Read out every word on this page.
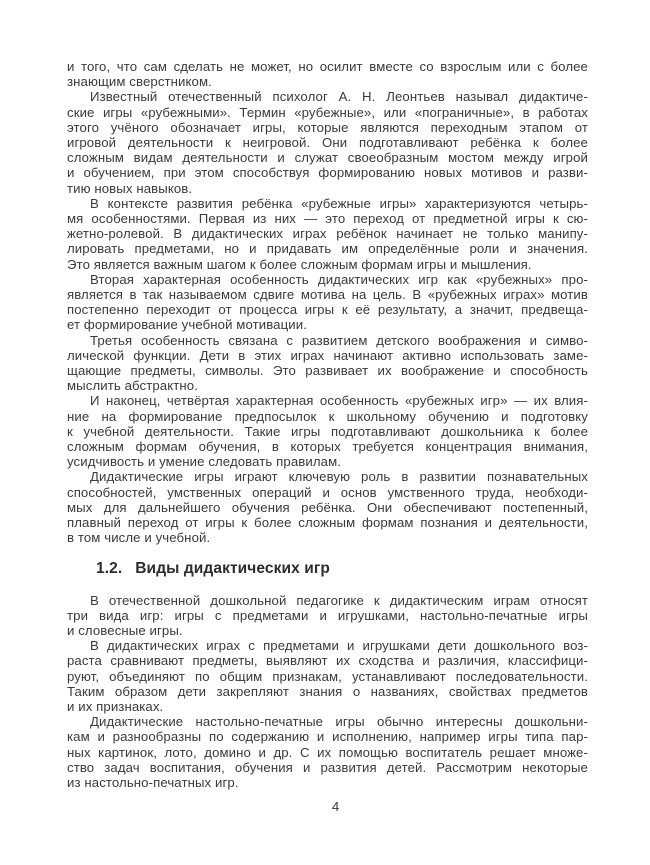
и того, что сам сделать не может, но осилит вместе со взрослым или с более
знающим сверстником.
Известный отечественный психолог А. Н. Леонтьев называл дидактиче-
ские игры «рубежными». Термин «рубежные», или «пограничные», в работах
этого учёного обозначает игры, которые являются переходным этапом от
игровой деятельности к неигровой. Они подготавливают ребёнка к более
сложным видам деятельности и служат своеобразным мостом между игрой
и обучением, при этом способствуя формированию новых мотивов и разви-
тию новых навыков.
В контексте развития ребёнка «рубежные игры» характеризуются четырь-
мя особенностями. Первая из них — это переход от предметной игры к сю-
жетно-ролевой. В дидактических играх ребёнок начинает не только манипу-
лировать предметами, но и придавать им определённые роли и значения.
Это является важным шагом к более сложным формам игры и мышления.
Вторая характерная особенность дидактических игр как «рубежных» про-
является в так называемом сдвиге мотива на цель. В «рубежных играх» мотив
постепенно переходит от процесса игры к её результату, а значит, предвеща-
ет формирование учебной мотивации.
Третья особенность связана с развитием детского воображения и симво-
лической функции. Дети в этих играх начинают активно использовать заме-
щающие предметы, символы. Это развивает их воображение и способность
мыслить абстрактно.
И наконец, четвёртая характерная особенность «рубежных игр» — их влия-
ние на формирование предпосылок к школьному обучению и подготовку
к учебной деятельности. Такие игры подготавливают дошкольника к более
сложным формам обучения, в которых требуется концентрация внимания,
усидчивость и умение следовать правилам.
Дидактические игры играют ключевую роль в развитии познавательных
способностей, умственных операций и основ умственного труда, необходи-
мых для дальнейшего обучения ребёнка. Они обеспечивают постепенный,
плавный переход от игры к более сложным формам познания и деятельности,
в том числе и учебной.
1.2. Виды дидактических игр
В отечественной дошкольной педагогике к дидактическим играм относят
три вида игр: игры с предметами и игрушками, настольно-печатные игры
и словесные игры.
В дидактических играх с предметами и игрушками дети дошкольного воз-
раста сравнивают предметы, выявляют их сходства и различия, классифици-
руют, объединяют по общим признакам, устанавливают последовательности.
Таким образом дети закрепляют знания о названиях, свойствах предметов
и их признаках.
Дидактические настольно-печатные игры обычно интересны дошкольни-
кам и разнообразны по содержанию и исполнению, например игры типа пар-
ных картинок, лото, домино и др. С их помощью воспитатель решает множе-
ство задач воспитания, обучения и развития детей. Рассмотрим некоторые
из настольно-печатных игр.
4
